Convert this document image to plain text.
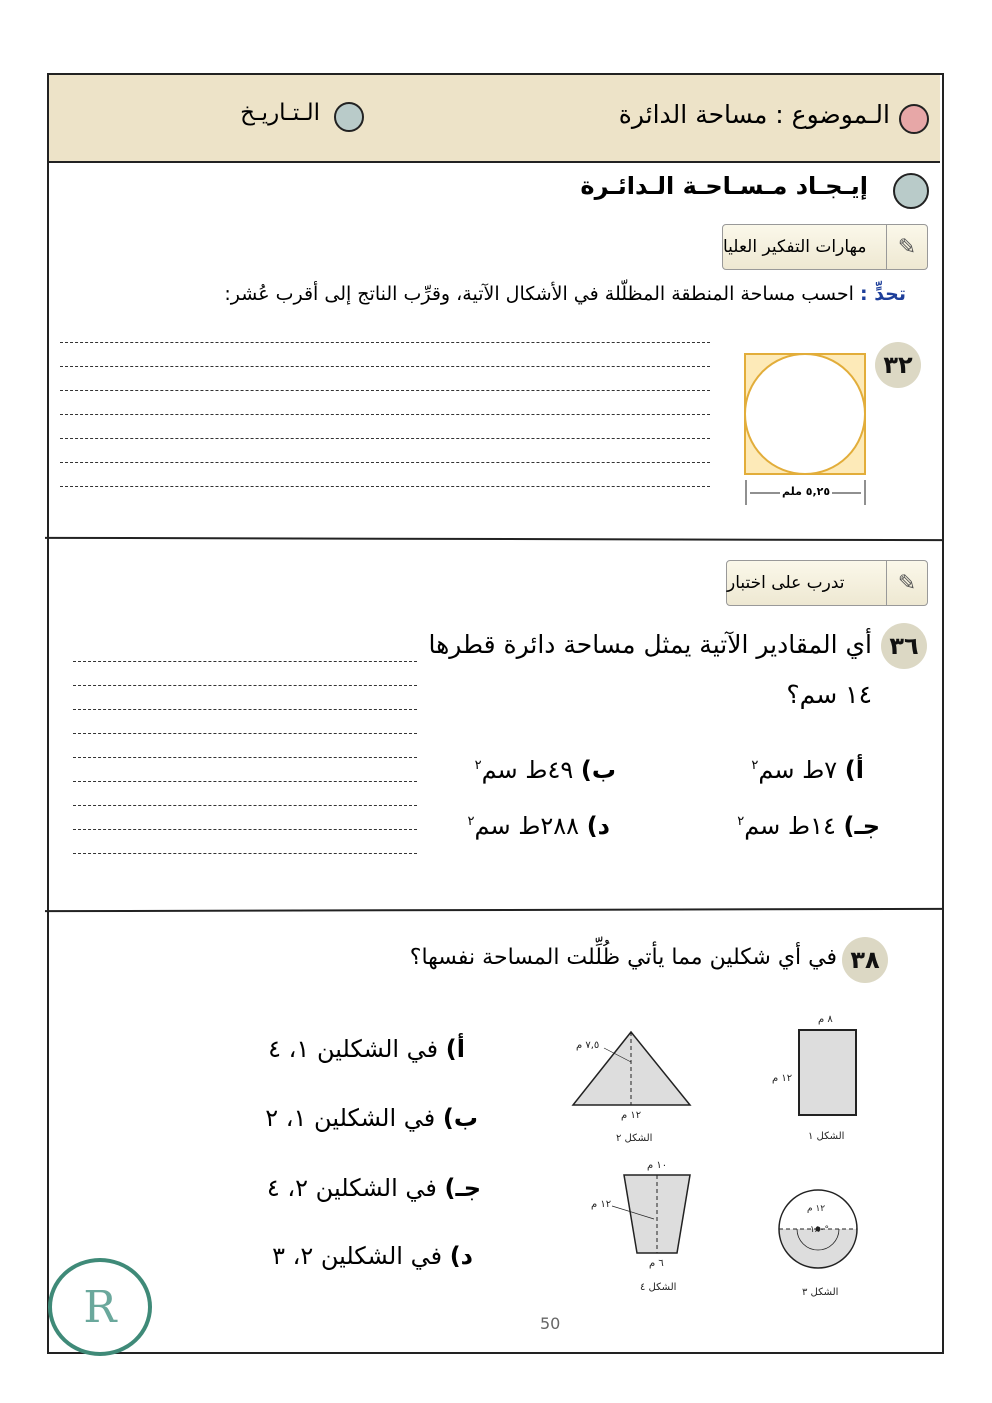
الـموضوع : مساحة الدائرة
الـتـاريـخ
إيـجـاد مـسـاحـة الـدائـرة
مهارات التفكير العليا	✎
تحدٍّ : احسب مساحة المنطقة المظلّلة في الأشكال الآتية، وقرِّب الناتج إلى أقرب عُشر:
٣٢
٥,٢٥ ملم
تدرب على اختبار	✎
٣٦
أي المقادير الآتية يمثل مساحة دائرة قطرها
١٤ سم؟
أ) ٧ط سم$^٢$
ب) ٤٩ط سم$^٢$
جـ) ١٤ط سم$^٢$
د) ٢٨٨ط سم$^٢$
٣٨
في أي شكلين مما يأتي ظُلِّلت المساحة نفسها؟
أ) في الشكلين ١، ٤
ب) في الشكلين ١، ٢
جـ) في الشكلين ٢، ٤
د) في الشكلين ٢، ٣
٨ م
١٢ م
الشكل ١
٧,٥ م
١٢ م
الشكل ٢
١٠ م
١٢ م
٦ م
الشكل ٤
١٢ م
١٨٠°
الشكل ٣
R	50
